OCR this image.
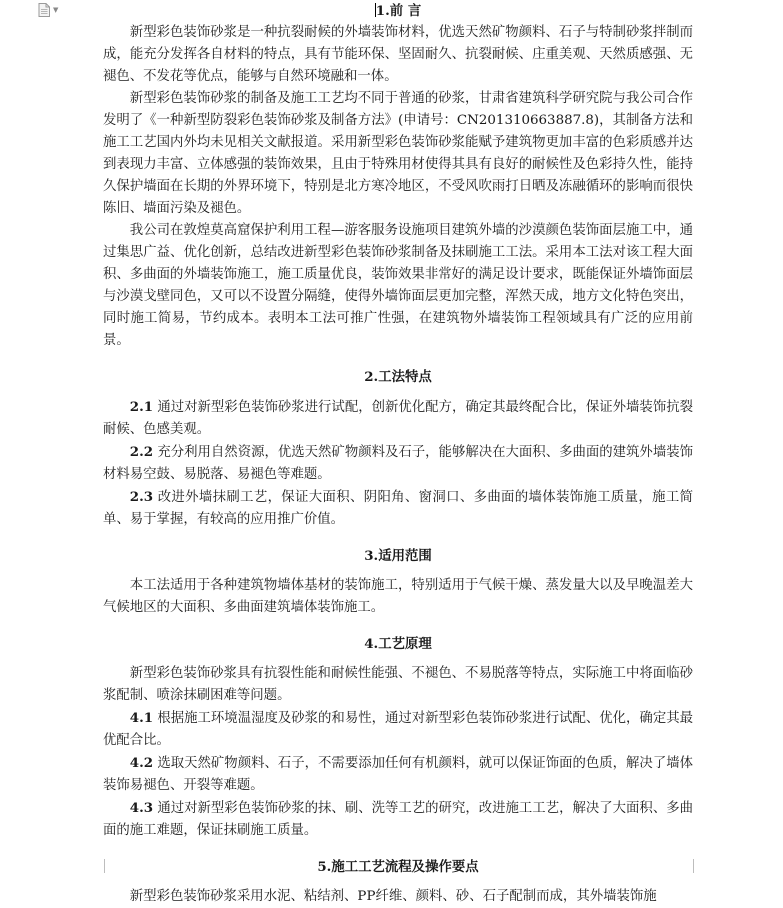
▼	1.前 言

新型彩色装饰砂浆是一种抗裂耐候的外墙装饰材料，优选天然矿物颜料、石子与特制砂浆拌制而成，能充分发挥各自材料的特点，具有节能环保、坚固耐久、抗裂耐候、庄重美观、天然质感强、无褪色、不发花等优点，能够与自然环境融和一体。

新型彩色装饰砂浆的制备及施工工艺均不同于普通的砂浆，甘肃省建筑科学研究院与我公司合作发明了《一种新型防裂彩色装饰砂浆及制备方法》(申请号：CN201310663887.8)，其制备方法和施工工艺国内外均未见相关文献报道。采用新型彩色装饰砂浆能赋予建筑物更加丰富的色彩质感并达到表现力丰富、立体感强的装饰效果，且由于特殊用材使得其具有良好的耐候性及色彩持久性，能持久保护墙面在长期的外界环境下，特别是北方寒冷地区，不受风吹雨打日晒及冻融循环的影响而很快陈旧、墙面污染及褪色。

我公司在敦煌莫高窟保护利用工程—游客服务设施项目建筑外墙的沙漠颜色装饰面层施工中，通过集思广益、优化创新，总结改进新型彩色装饰砂浆制备及抹刷施工工法。采用本工法对该工程大面积、多曲面的外墙装饰施工，施工质量优良，装饰效果非常好的满足设计要求，既能保证外墙饰面层与沙漠戈壁同色，又可以不设置分隔缝，使得外墙饰面层更加完整，浑然天成，地方文化特色突出，同时施工简易，节约成本。表明本工法可推广性强，在建筑物外墙装饰工程领域具有广泛的应用前景。

2.工法特点

2.1 通过对新型彩色装饰砂浆进行试配，创新优化配方，确定其最终配合比，保证外墙装饰抗裂耐候、色感美观。

2.2 充分利用自然资源，优选天然矿物颜料及石子，能够解决在大面积、多曲面的建筑外墙装饰材料易空鼓、易脱落、易褪色等难题。

2.3 改进外墙抹刷工艺，保证大面积、阴阳角、窗洞口、多曲面的墙体装饰施工质量，施工简单、易于掌握，有较高的应用推广价值。

3.适用范围

本工法适用于各种建筑物墙体基材的装饰施工，特别适用于气候干燥、蒸发量大以及早晚温差大气候地区的大面积、多曲面建筑墙体装饰施工。

4.工艺原理

新型彩色装饰砂浆具有抗裂性能和耐候性能强、不褪色、不易脱落等特点，实际施工中将面临砂浆配制、喷涂抹刷困难等问题。

4.1 根据施工环境温湿度及砂浆的和易性，通过对新型彩色装饰砂浆进行试配、优化，确定其最优配合比。

4.2 选取天然矿物颜料、石子，不需要添加任何有机颜料，就可以保证饰面的色质，解决了墙体装饰易褪色、开裂等难题。

4.3 通过对新型彩色装饰砂浆的抹、刷、洗等工艺的研究，改进施工工艺，解决了大面积、多曲面的施工难题，保证抹刷施工质量。

5.施工工艺流程及操作要点

新型彩色装饰砂浆采用水泥、粘结剂、PP纤维、颜料、砂、石子配制而成，其外墙装饰施
